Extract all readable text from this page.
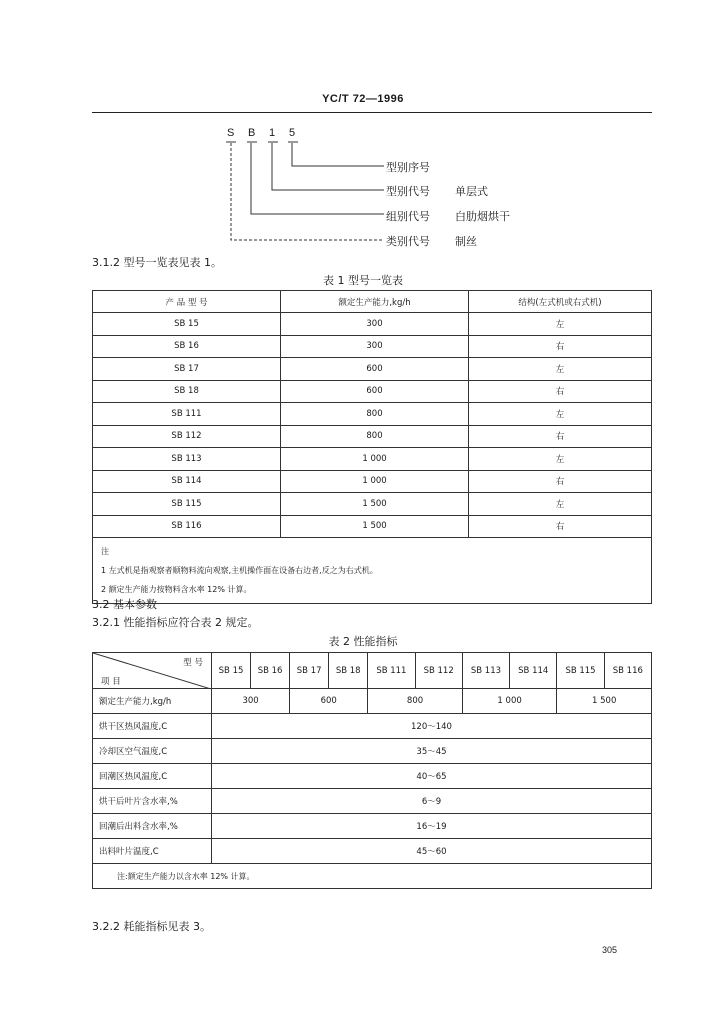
YC/T 72—1996
S B 1 5
型别序号
型别代号 单层式
组别代号 白肋烟烘干
类别代号 制丝
3.1.2 型号一览表见表 1。
表 1 型号一览表
产 品 型 号	额定生产能力,kg/h	结构(左式机或右式机)
SB 15	300	左
SB 16	300	右
SB 17	600	左
SB 18	600	右
SB 111	800	左
SB 112	800	右
SB 113	1 000	左
SB 114	1 000	右
SB 115	1 500	左
SB 116	1 500	右

注
1 左式机是指观察者顺物料流向观察,主机操作面在设备右边者,反之为右式机。
2 额定生产能力按物料含水率 12% 计算。		
3.2 基本参数
3.2.1 性能指标应符合表 2 规定。
表 2 性能指标
型 号
项 目	SB 15	SB 16	SB 17	SB 18	SB 111	SB 112	SB 113	SB 114	SB 115	SB 116
额定生产能力,kg/h	300		600		800		1 000		1 500	
烘干区热风温度,C	120～140									
冷却区空气温度,C	35～45									
回潮区热风温度,C	40～65									
烘干后叶片含水率,%	6～9									
回潮后出料含水率,%	16～19									
出料叶片温度,C	45～60									
注:额定生产能力以含水率 12% 计算。										
3.2.2 耗能指标见表 3。
305
